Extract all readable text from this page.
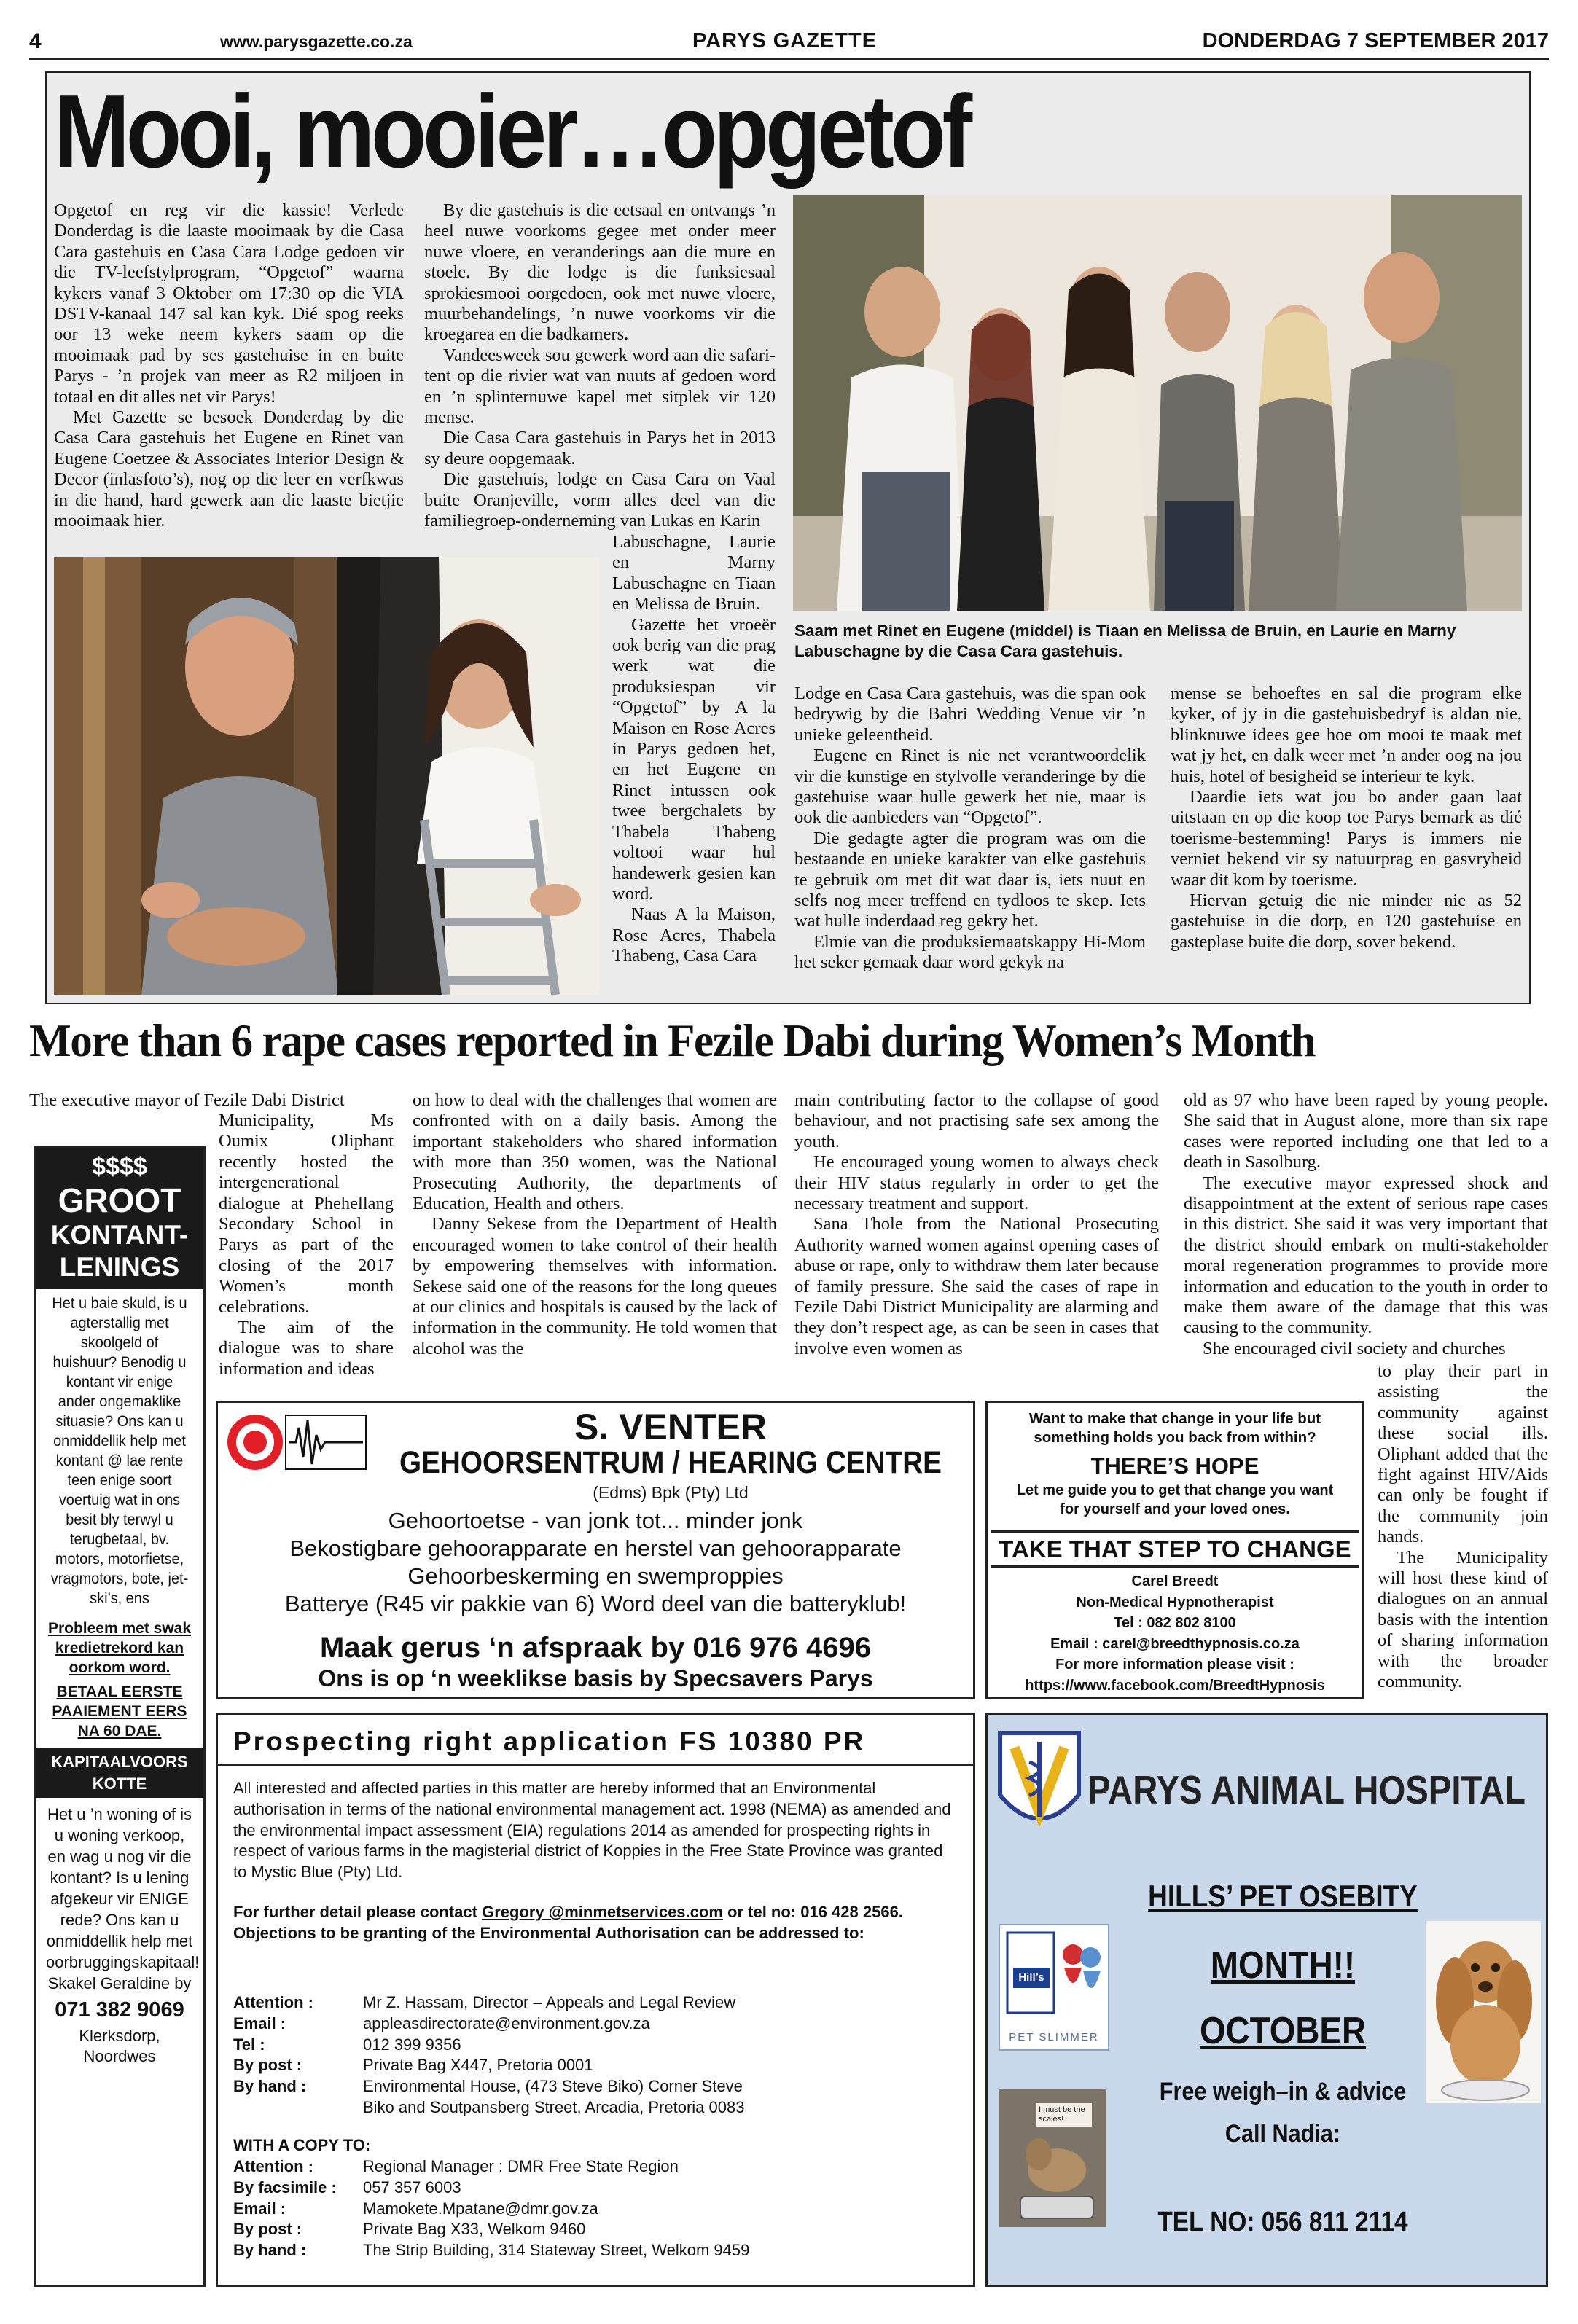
4	www.parysgazette.co.za	PARYS GAZETTE	DONDERDAG 7 SEPTEMBER 2017
Mooi, mooier…opgetof

Opgetof en reg vir die kassie! Verlede Donderdag is die laaste mooimaak by die Casa Cara gastehuis en Casa Cara Lodge gedoen vir die TV-leefstylprogram, “Opgetof” waarna kykers vanaf 3 Oktober om 17:30 op die VIA DSTV-kanaal 147 sal kan kyk. Dié spog reeks oor 13 weke neem kykers saam op die mooimaak pad by ses gastehuise in en buite Parys - ’n projek van meer as R2 miljoen in totaal en dit alles net vir Parys!

Met Gazette se besoek Donderdag by die Casa Cara gastehuis het Eugene en Rinet van Eugene Coetzee & Associates Interior Design & Decor (inlasfoto’s), nog op die leer en verfkwas in die hand, hard gewerk aan die laaste bietjie mooimaak hier.

By die gastehuis is die eetsaal en ontvangs ’n heel nuwe voorkoms gegee met onder meer nuwe vloere, en veranderings aan die mure en stoele. By die lodge is die funksiesaal sprokiesmooi oorgedoen, ook met nuwe vloere, muurbehandelings, ’n nuwe voorkoms vir die kroegarea en die badkamers.

Vandeesweek sou gewerk word aan die safari-tent op die rivier wat van nuuts af gedoen word en ’n splinternuwe kapel met sitplek vir 120 mense.

Die Casa Cara gastehuis in Parys het in 2013 sy deure oopgemaak.

Die gastehuis, lodge en Casa Cara on Vaal buite Oranjeville, vorm alles deel van die familiegroep-onderneming van Lukas en Karin

Labuschagne, Laurie en Marny Labuschagne en Tiaan en Melissa de Bruin.

Gazette het vroeër ook berig van die prag werk wat die produksiespan vir “Opgetof” by A la Maison en Rose Acres in Parys gedoen het, en het Eugene en Rinet intussen ook twee bergchalets by Thabela Thabeng voltooi waar hul handewerk gesien kan word.

Naas A la Maison, Rose Acres, Thabela Thabeng, Casa Cara

Saam met Rinet en Eugene (middel) is Tiaan en Melissa de Bruin, en Laurie en Marny Labuschagne by die Casa Cara gastehuis.

Lodge en Casa Cara gastehuis, was die span ook bedrywig by die Bahri Wedding Venue vir ’n unieke geleentheid.

Eugene en Rinet is nie net verantwoordelik vir die kunstige en stylvolle veranderinge by die gastehuise waar hulle gewerk het nie, maar is ook die aanbieders van “Opgetof”.

Die gedagte agter die program was om die bestaande en unieke karakter van elke gastehuis te gebruik om met dit wat daar is, iets nuut en selfs nog meer treffend en tydloos te skep. Iets wat hulle inderdaad reg gekry het.

Elmie van die produksiemaatskappy Hi-Mom het seker gemaak daar word gekyk na

mense se behoeftes en sal die program elke kyker, of jy in die gastehuisbedryf is aldan nie, blinknuwe idees gee hoe om mooi te maak met wat jy het, en dalk weer met ’n ander oog na jou huis, hotel of besigheid se interieur te kyk.

Daardie iets wat jou bo ander gaan laat uitstaan en op die koop toe Parys bemark as dié toerisme-bestemming! Parys is immers nie verniet bekend vir sy natuurprag en gasvryheid waar dit kom by toerisme.

Hiervan getuig die nie minder nie as 52 gastehuise in die dorp, en 120 gastehuise en gasteplase buite die dorp, sover bekend.

More than 6 rape cases reported in Fezile Dabi during Women’s Month
The executive mayor of Fezile Dabi District

Municipality, Ms Oumix Oliphant recently hosted the intergenerational dialogue at Phehellang Secondary School in Parys as part of the closing of the 2017 Women’s month celebrations.

The aim of the dialogue was to share information and ideas

on how to deal with the challenges that women are confronted with on a daily basis. Among the important stakeholders who shared information with more than 350 women, was the National Prosecuting Authority, the departments of Education, Health and others.

Danny Sekese from the Department of Health encouraged women to take control of their health by empowering themselves with information. Sekese said one of the reasons for the long queues at our clinics and hospitals is caused by the lack of information in the community. He told women that alcohol was the

main contributing factor to the collapse of good behaviour, and not practising safe sex among the youth.

He encouraged young women to always check their HIV status regularly in order to get the necessary treatment and support.

Sana Thole from the National Prosecuting Authority warned women against opening cases of abuse or rape, only to withdraw them later because of family pressure. She said the cases of rape in Fezile Dabi District Municipality are alarming and they don’t respect age, as can be seen in cases that involve even women as

old as 97 who have been raped by young people. She said that in August alone, more than six rape cases were reported including one that led to a death in Sasolburg.

The executive mayor expressed shock and disappointment at the extent of serious rape cases in this district. She said it was very important that the district should embark on multi-stakeholder moral regeneration programmes to provide more information and education to the youth in order to make them aware of the damage that this was causing to the community.

She encouraged civil society and churches

to play their part in assisting the community against these social ills. Oliphant added that the fight against HIV/Aids can only be fought if the community join hands.

The Municipality will host these kind of dialogues on an annual basis with the intention of sharing information with the broader community.

$$$$
GROOT
KONTANT-
LENINGS
Het u baie skuld, is u agterstallig met skoolgeld of huishuur? Benodig u kontant vir enige ander ongemaklike situasie? Ons kan u onmiddellik help met kontant @ lae rente teen enige soort voertuig wat in ons besit bly terwyl u terugbetaal, bv. motors, motorfietse, vragmotors, bote, jet-ski’s, ens
Probleem met swak kredietrekord kan oorkom word.
BETAAL EERSTE PAAIEMENT EERS NA 60 DAE.
KAPITAALVOORSKOTTE
Het u ’n woning of is u woning verkoop, en wag u nog vir die kontant? Is u lening afgekeur vir ENIGE rede? Ons kan u onmiddellik help met oorbruggingskapitaal! Skakel Geraldine by
071 382 9069
Klerksdorp, Noordwes
S. VENTER
GEHOORSENTRUM / HEARING CENTRE
(Edms) Bpk (Pty) Ltd
Gehoortoetse - van jonk tot... minder jonk
Bekostigbare gehoorapparate en herstel van gehoorapparate
Gehoorbeskerming en swemproppies
Batterye (R45 vir pakkie van 6) Word deel van die batteryklub!
Maak gerus ‘n afspraak by 016 976 4696
Ons is op ‘n weeklikse basis by Specsavers Parys
Want to make that change in your life but something holds you back from within?
THERE’S HOPE
Let me guide you to get that change you want for yourself and your loved ones.
TAKE THAT STEP TO CHANGE
Carel Breedt
Non-Medical Hypnotherapist
Tel : 082 802 8100
Email : carel@breedthypnosis.co.za
For more information please visit :
https://www.facebook.com/BreedtHypnosis
Prospecting right application FS 10380 PR
All interested and affected parties in this matter are hereby informed that an Environmental authorisation in terms of the national environmental management act. 1998 (NEMA) as amended and the environmental impact assessment (EIA) regulations 2014 as amended for prospecting rights in respect of various farms in the magisterial district of Koppies in the Free State Province was granted to Mystic Blue (Pty) Ltd.
For further detail please contact Gregory @minmetservices.com or tel no: 016 428 2566. Objections to be granting of the Environmental Authorisation can be addressed to:
Attention :	Mr Z. Hassam, Director – Appeals and Legal Review
Email :	appleasdirectorate@environment.gov.za
Tel :	012 399 9356
By post :	Private Bag X447, Pretoria 0001
By hand :	Environmental House, (473 Steve Biko) Corner Steve Biko and Soutpansberg Street, Arcadia, Pretoria 0083
WITH A COPY TO:
Attention :	Regional Manager : DMR Free State Region
By facsimile :	057 357 6003
Email :	Mamokete.Mpatane@dmr.gov.za
By post :	Private Bag X33, Welkom 9460
By hand :	The Strip Building, 314 Stateway Street, Welkom 9459
PARYS ANIMAL HOSPITAL
HILLS’ PET OSEBITY
MONTH!!
OCTOBER
Free weigh–in & advice
Call Nadia:
TEL NO: 056 811 2114
Hill’s
PET SLIMMER
I must be the scales!
